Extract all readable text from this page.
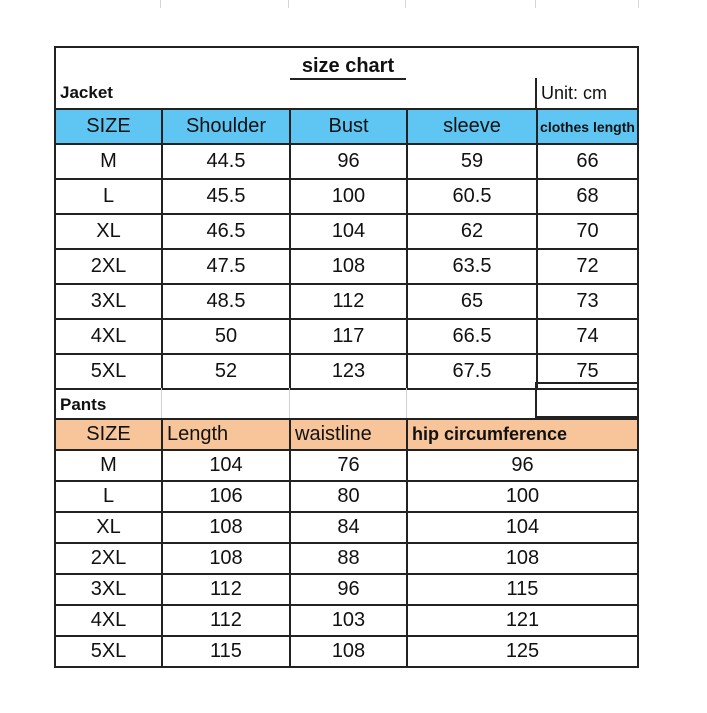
size chart
Jacket	Unit: cm
Pants
SIZE	Shoulder	Bust	sleeve	clothes length
M	44.5	96	59	66
L	45.5	100	60.5	68
XL	46.5	104	62	70
2XL	47.5	108	63.5	72
3XL	48.5	112	65	73
4XL	50	117	66.5	74
5XL	52	123	67.5	75
SIZE	Length	waistline	hip circumference
M	104	76	96
L	106	80	100
XL	108	84	104
2XL	108	88	108
3XL	112	96	115
4XL	112	103	121
5XL	115	108	125
